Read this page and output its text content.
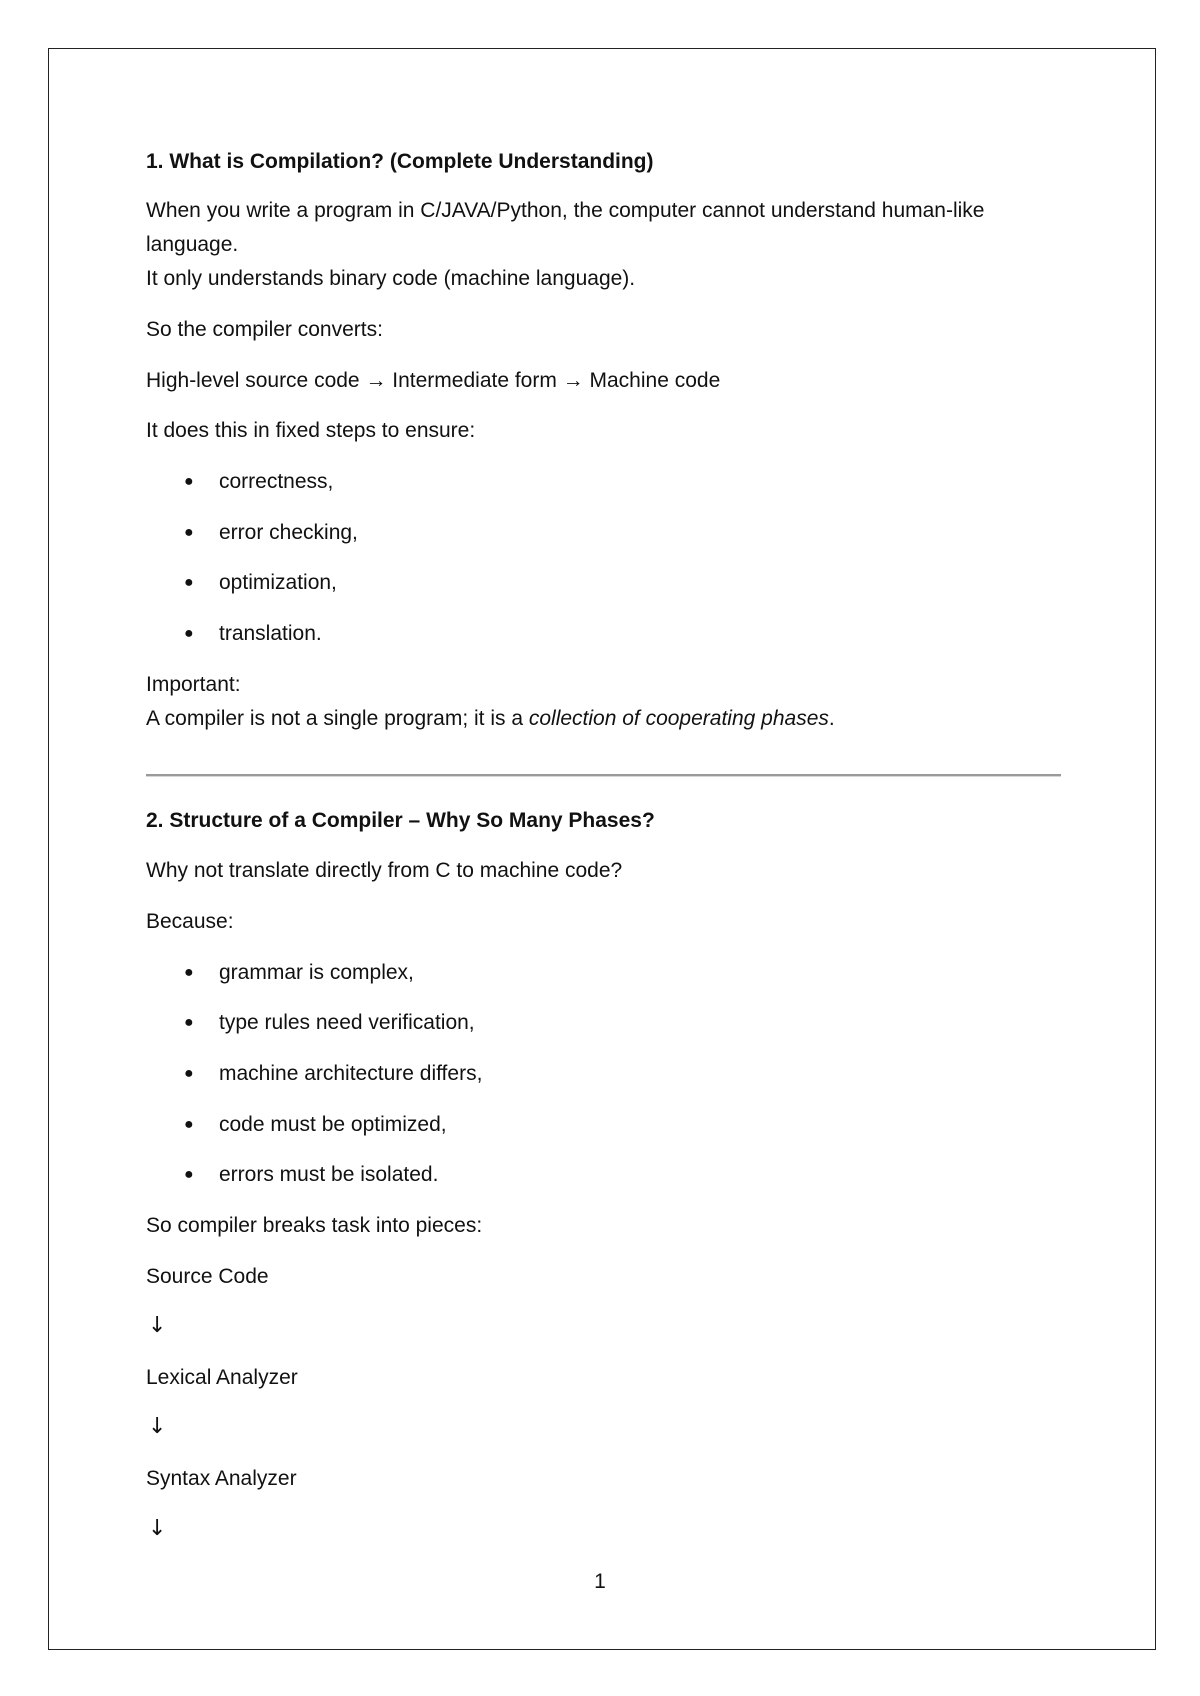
1. What is Compilation? (Complete Understanding)
When you write a program in C/JAVA/Python, the computer cannot understand human-like
language.
It only understands binary code (machine language).
So the compiler converts:
High-level source code → Intermediate form → Machine code
It does this in fixed steps to ensure:
● correctness,
● error checking,
● optimization,
● translation.
Important:
A compiler is not a single program; it is a collection of cooperating phases.
2. Structure of a Compiler – Why So Many Phases?
Why not translate directly from C to machine code?
Because:
● grammar is complex,
● type rules need verification,
● machine architecture differs,
● code must be optimized,
● errors must be isolated.
So compiler breaks task into pieces:
Source Code
↓
Lexical Analyzer
↓
Syntax Analyzer
↓
1
